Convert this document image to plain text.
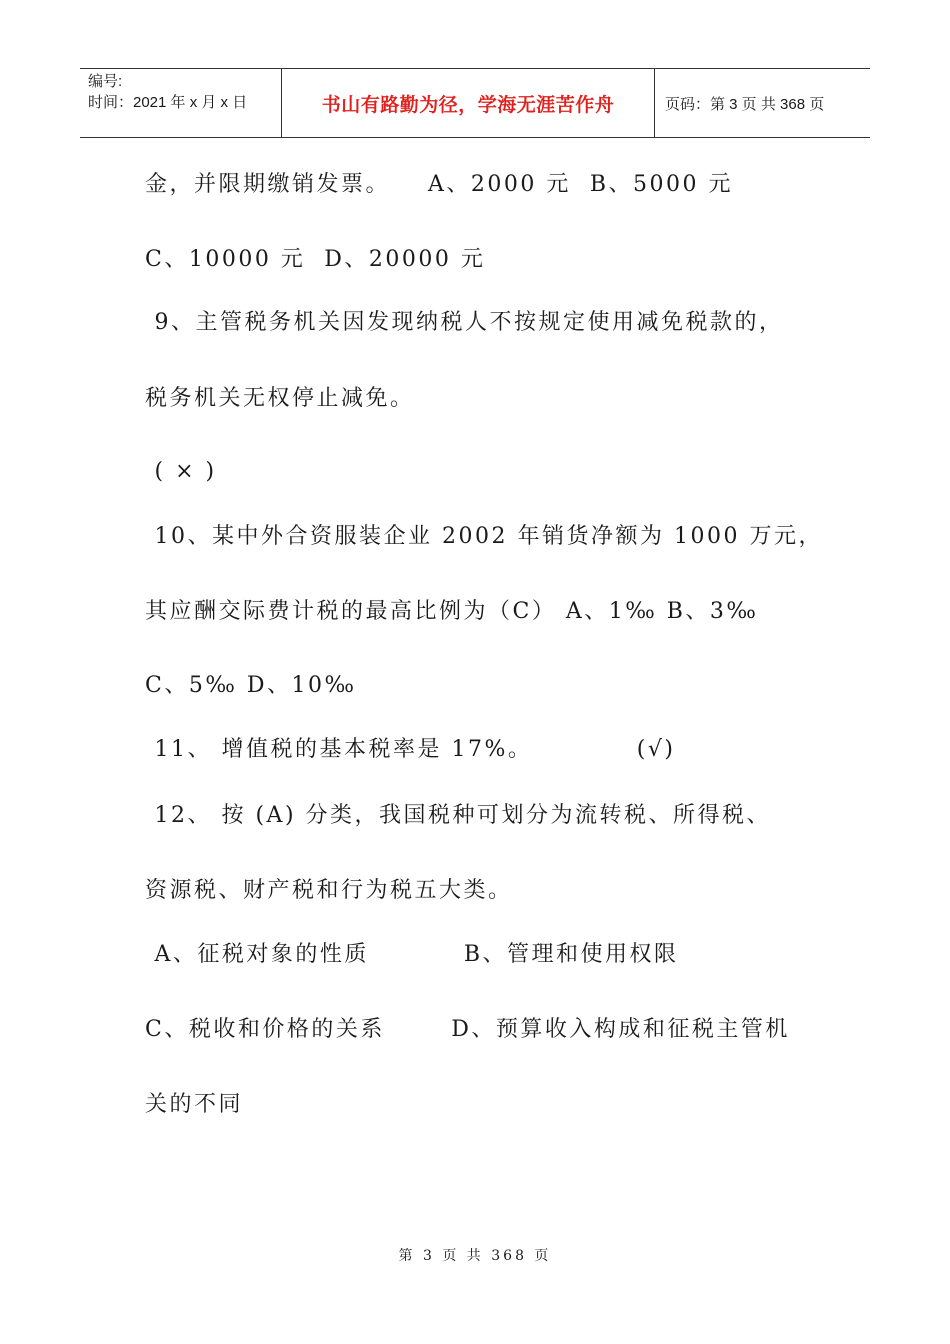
编号:
时间：2021 年 x 月 x 日	书山有路勤为径，学海无涯苦作舟	页码：第 3 页 共 368 页
金，并限期缴销发票。    A、2000 元  B、5000 元
C、10000 元  D、20000 元
9、主管税务机关因发现纳税人不按规定使用减免税款的，
税务机关无权停止减免。
( × )
10、某中外合资服装企业 2002 年销货净额为 1000 万元，
其应酬交际费计税的最高比例为（C） A、1‰ B、3‰
C、5‰ D、10‰
11、 增值税的基本税率是 17%。           (√)
12、 按 (A) 分类，我国税种可划分为流转税、所得税、
资源税、财产税和行为税五大类。
A、征税对象的性质          B、管理和使用权限
C、税收和价格的关系       D、预算收入构成和征税主管机
关的不同
第 3 页 共 368 页
